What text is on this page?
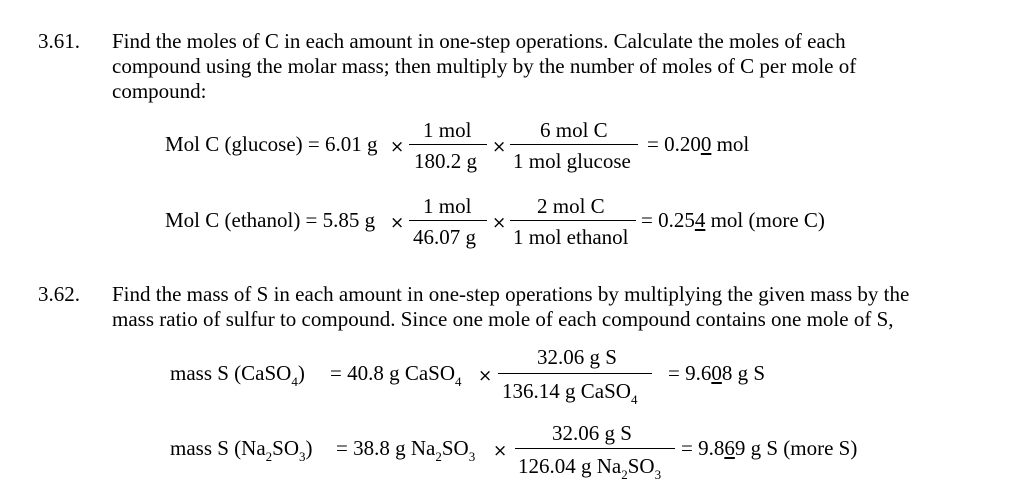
3.61. Find the moles of C in each amount in one-step operations. Calculate the moles of each
compound using the molar mass; then multiply by the number of moles of C per mole of
compound:
Mol C (glucose) = 6.01 g ×
1 mol
180.2 g
×
6 mol C
1 mol glucose
= 0.200 mol
Mol C (ethanol) = 5.85 g ×
1 mol
46.07 g
×
2 mol C
1 mol ethanol
= 0.254 mol (more C)
3.62. Find the mass of S in each amount in one-step operations by multiplying the given mass by the
mass ratio of sulfur to compound. Since one mole of each compound contains one mole of S,
mass S (CaSO$_4$) = 40.8 g CaSO$_4$ ×
32.06 g S
136.14 g CaSO$_4$
= 9.608 g S
mass S $(Na_2SO_3) = 38.8$ g $Na_2SO_3$ ×
32.06 g S
126.04 g $Na_2SO_3$
= 9.869 g S (more S)
